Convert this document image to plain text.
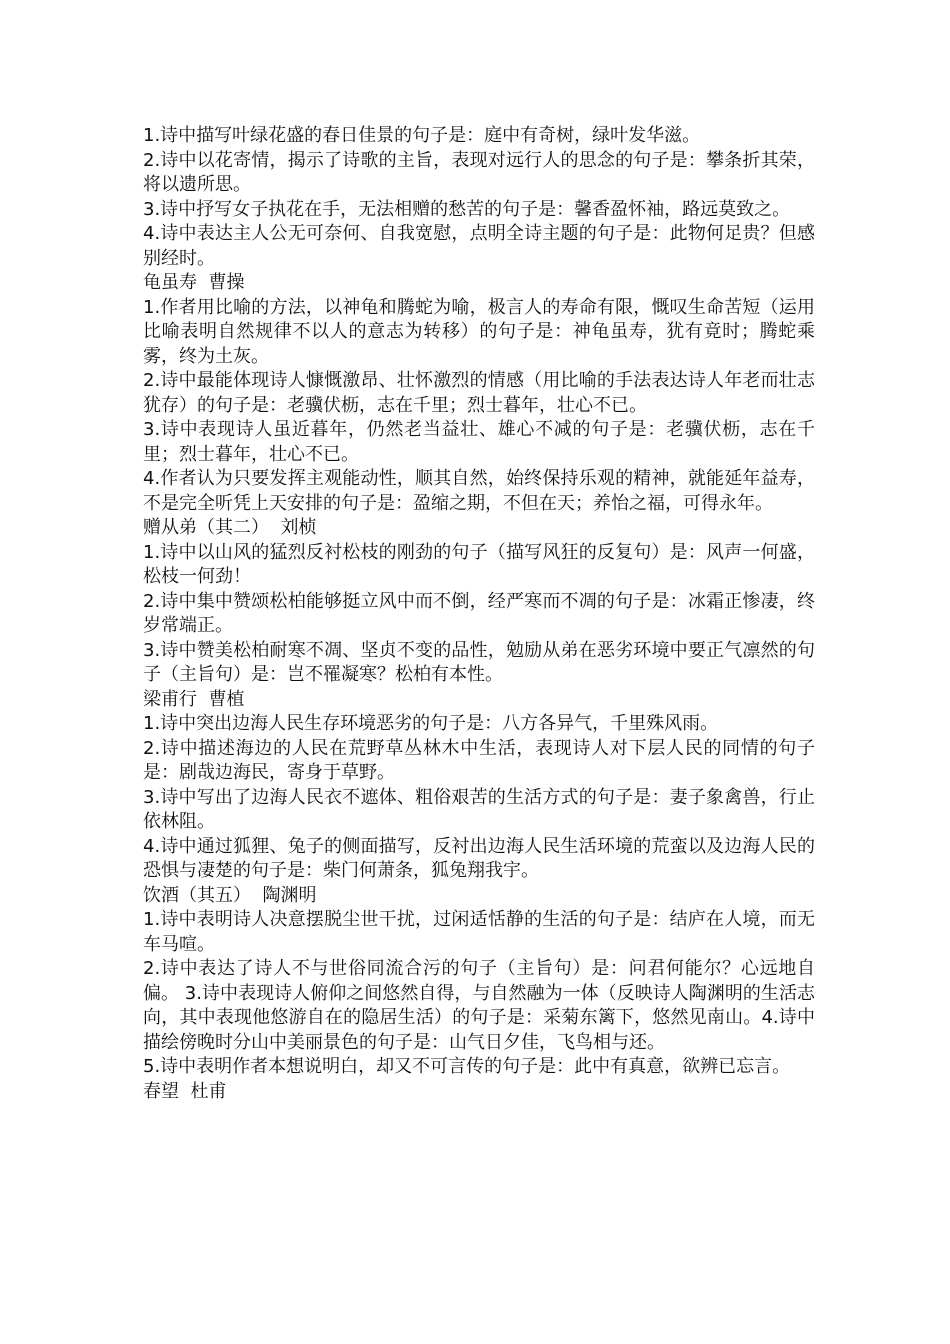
1.诗中描写叶绿花盛的春日佳景的句子是：庭中有奇树，绿叶发华滋。

2.诗中以花寄情，揭示了诗歌的主旨，表现对远行人的思念的句子是：攀条折其荣，将以遗所思。

3.诗中抒写女子执花在手，无法相赠的愁苦的句子是：馨香盈怀袖，路远莫致之。

4.诗中表达主人公无可奈何、自我宽慰，点明全诗主题的句子是：此物何足贵？但感别经时。

龟虽寿  曹操

1.作者用比喻的方法，以神龟和腾蛇为喻，极言人的寿命有限，慨叹生命苦短（运用比喻表明自然规律不以人的意志为转移）的句子是：神龟虽寿，犹有竟时；腾蛇乘雾，终为土灰。

2.诗中最能体现诗人慷慨激昂、壮怀激烈的情感（用比喻的手法表达诗人年老而壮志犹存）的句子是：老骥伏枥，志在千里；烈士暮年，壮心不已。

3.诗中表现诗人虽近暮年，仍然老当益壮、雄心不减的句子是：老骥伏枥，志在千里；烈士暮年，壮心不已。

4.作者认为只要发挥主观能动性，顺其自然，始终保持乐观的精神，就能延年益寿，不是完全听凭上天安排的句子是：盈缩之期，不但在天；养怡之福，可得永年。

赠从弟（其二）  刘桢

1.诗中以山风的猛烈反衬松枝的刚劲的句子（描写风狂的反复句）是：风声一何盛，松枝一何劲！

2.诗中集中赞颂松柏能够挺立风中而不倒，经严寒而不凋的句子是：冰霜正惨凄，终岁常端正。

3.诗中赞美松柏耐寒不凋、坚贞不变的品性，勉励从弟在恶劣环境中要正气凛然的句子（主旨句）是：岂不罹凝寒？松柏有本性。

梁甫行  曹植

1.诗中突出边海人民生存环境恶劣的句子是：八方各异气，千里殊风雨。

2.诗中描述海边的人民在荒野草丛林木中生活，表现诗人对下层人民的同情的句子是：剧哉边海民，寄身于草野。

3.诗中写出了边海人民衣不遮体、粗俗艰苦的生活方式的句子是：妻子象禽兽，行止依林阻。

4.诗中通过狐狸、兔子的侧面描写，反衬出边海人民生活环境的荒蛮以及边海人民的恐惧与凄楚的句子是：柴门何萧条，狐兔翔我宇。

饮酒（其五）  陶渊明

1.诗中表明诗人决意摆脱尘世干扰，过闲适恬静的生活的句子是：结庐在人境，而无车马喧。

2.诗中表达了诗人不与世俗同流合污的句子（主旨句）是：问君何能尔？心远地自偏。 3.诗中表现诗人俯仰之间悠然自得，与自然融为一体（反映诗人陶渊明的生活志向，其中表现他悠游自在的隐居生活）的句子是：采菊东篱下，悠然见南山。4.诗中描绘傍晚时分山中美丽景色的句子是：山气日夕佳，飞鸟相与还。

5.诗中表明作者本想说明白，却又不可言传的句子是：此中有真意，欲辨已忘言。

春望  杜甫
